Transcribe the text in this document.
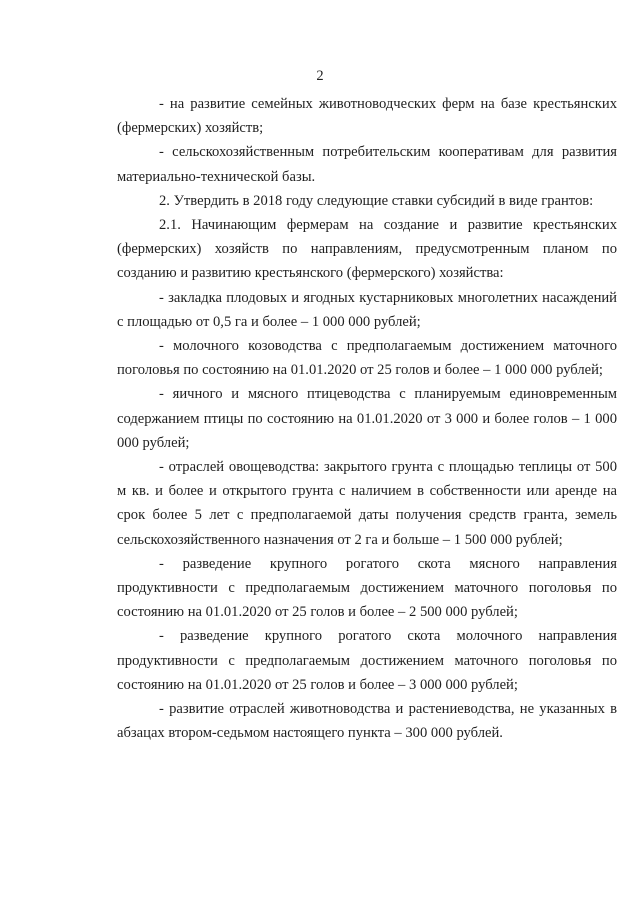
2

- на развитие семейных животноводческих ферм на базе крестьянских (фермерских) хозяйств;

- сельскохозяйственным потребительским кооперативам для развития материально-технической базы.

2. Утвердить в 2018 году следующие ставки субсидий в виде грантов:

2.1. Начинающим фермерам на создание и развитие крестьянских (фермерских) хозяйств по направлениям, предусмотренным планом по созданию и развитию крестьянского (фермерского) хозяйства:

- закладка плодовых и ягодных кустарниковых многолетних насаждений с площадью от 0,5 га и более – 1 000 000 рублей;

- молочного козоводства с предполагаемым достижением маточного поголовья по состоянию на 01.01.2020 от 25 голов и более – 1 000 000 рублей;

- яичного и мясного птицеводства с планируемым единовременным содержанием птицы по состоянию на 01.01.2020 от 3 000 и более голов – 1 000 000 рублей;

- отраслей овощеводства: закрытого грунта с площадью теплицы от 500 м кв. и более и открытого грунта с наличием в собственности или аренде на срок более 5 лет с предполагаемой даты получения средств гранта, земель сельскохозяйственного назначения от 2 га и больше – 1 500 000 рублей;

- разведение крупного рогатого скота мясного направления продуктивности с предполагаемым достижением маточного поголовья по состоянию на 01.01.2020 от 25 голов и более – 2 500 000 рублей;

- разведение крупного рогатого скота молочного направления продуктивности с предполагаемым достижением маточного поголовья по состоянию на 01.01.2020 от 25 голов и более – 3 000 000 рублей;

- развитие отраслей животноводства и растениеводства, не указанных в абзацах втором-седьмом настоящего пункта – 300 000 рублей.
